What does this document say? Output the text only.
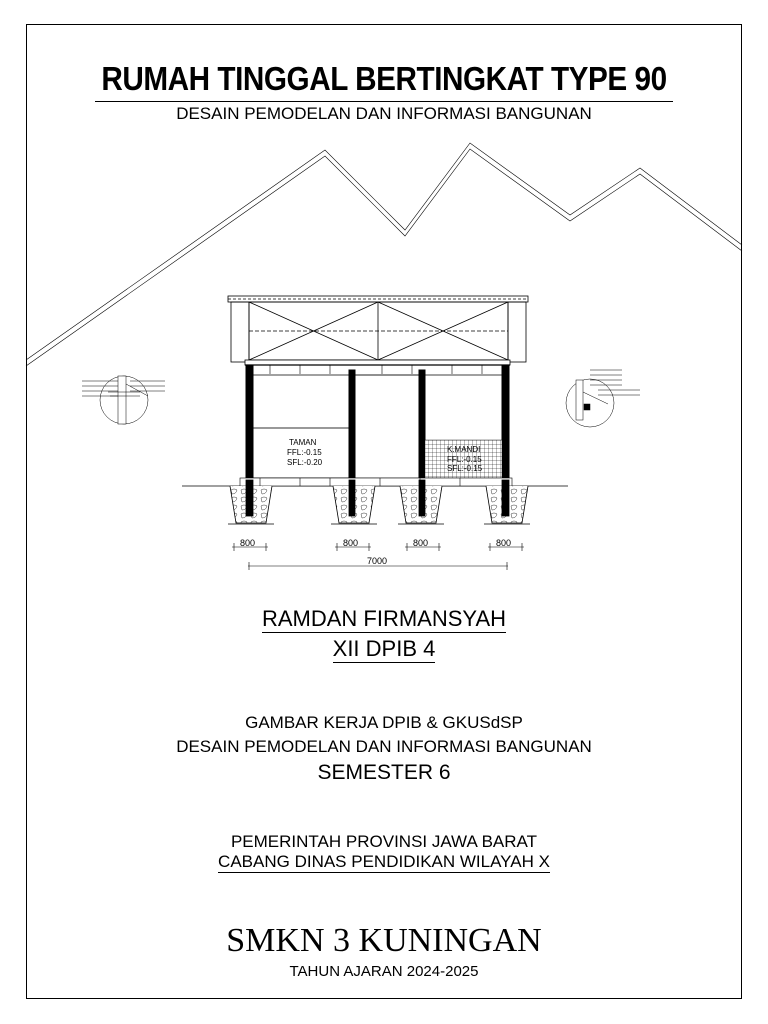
RUMAH TINGGAL BERTINGKAT TYPE 90
DESAIN PEMODELAN DAN INFORMASI BANGUNAN
TAMAN
FFL:-0.15
SFL:-0.20
K.MANDI
FFL:-0.15
SFL:-0.15
800	800	800	800
7000
RAMDAN FIRMANSYAH
XII DPIB 4
GAMBAR KERJA DPIB & GKUSdSP
DESAIN PEMODELAN DAN INFORMASI BANGUNAN
SEMESTER 6
PEMERINTAH PROVINSI JAWA BARAT
CABANG DINAS PENDIDIKAN WILAYAH X
SMKN 3 KUNINGAN
TAHUN AJARAN 2024-2025
